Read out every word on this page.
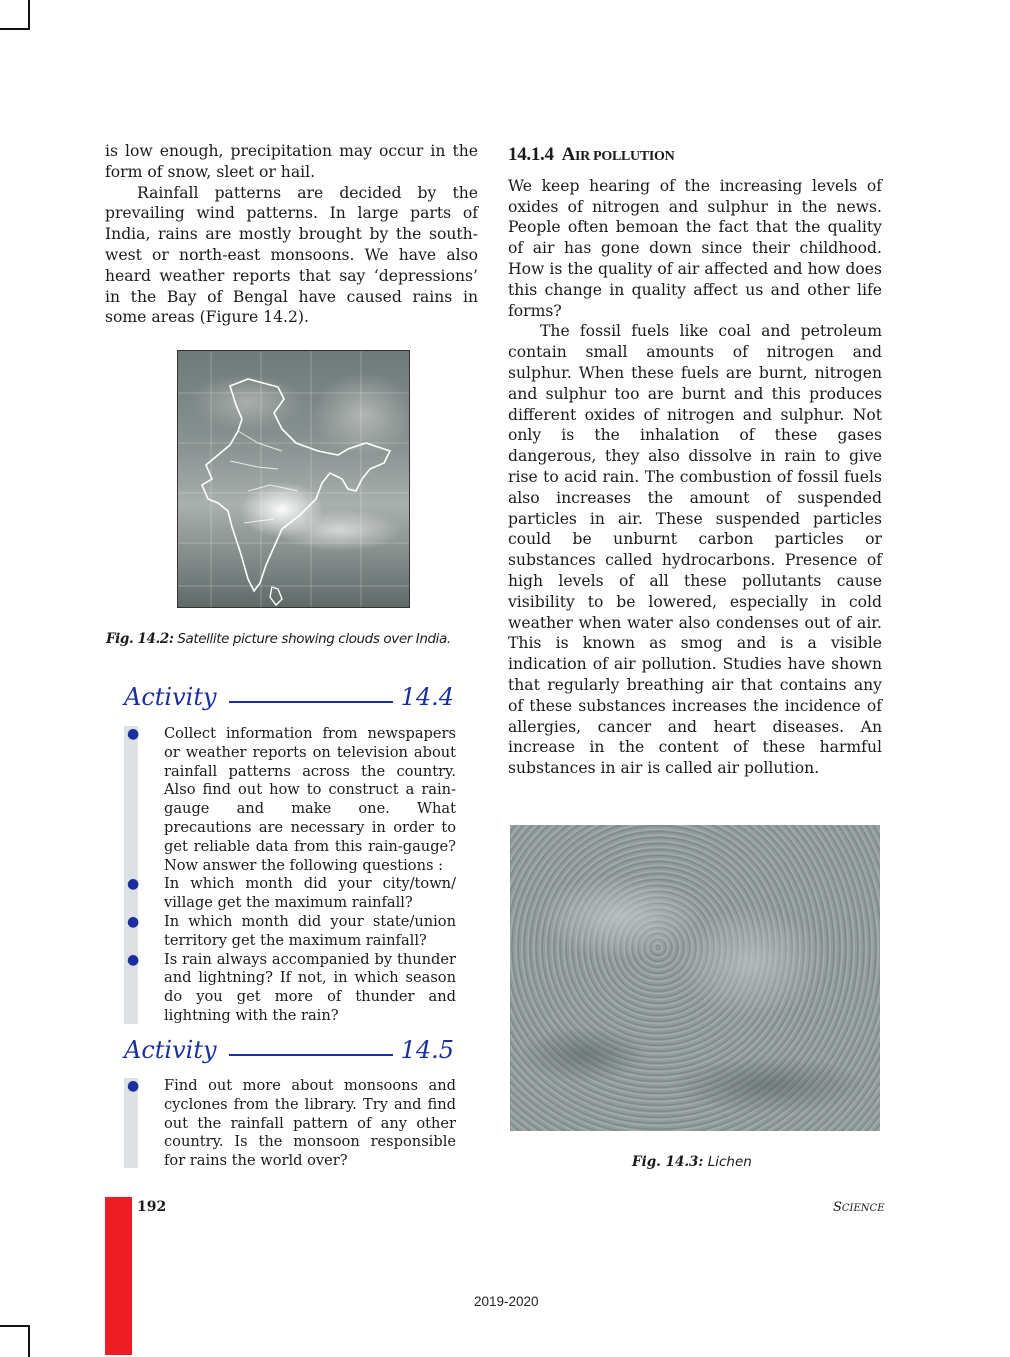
is low enough, precipitation may occur in the form of snow, sleet or hail.

Rainfall patterns are decided by the prevailing wind patterns. In large parts of India, rains are mostly brought by the south-west or north-east monsoons. We have also heard weather reports that say ‘depressions’ in the Bay of Bengal have caused rains in some areas (Figure 14.2).

Fig. 14.2: Satellite picture showing clouds over India.
Activity	14.4
● Collect information from newspapers or weather reports on television about rainfall patterns across the country. Also find out how to construct a rain-gauge and make one. What precautions are necessary in order to get reliable data from this rain-gauge? Now answer the following questions :
● In which month did your city/town/ village get the maximum rainfall?
● In which month did your state/union territory get the maximum rainfall?
● Is rain always accompanied by thunder and lightning? If not, in which season do you get more of thunder and lightning with the rain?
Activity	14.5
● Find out more about monsoons and cyclones from the library. Try and find out the rainfall pattern of any other country. Is the monsoon responsible for rains the world over?
14.1.4 AIR POLLUTION

We keep hearing of the increasing levels of oxides of nitrogen and sulphur in the news. People often bemoan the fact that the quality of air has gone down since their childhood. How is the quality of air affected and how does this change in quality affect us and other life forms?

The fossil fuels like coal and petroleum contain small amounts of nitrogen and sulphur. When these fuels are burnt, nitrogen and sulphur too are burnt and this produces different oxides of nitrogen and sulphur. Not only is the inhalation of these gases dangerous, they also dissolve in rain to give rise to acid rain. The combustion of fossil fuels also increases the amount of suspended particles in air. These suspended particles could be unburnt carbon particles or substances called hydrocarbons. Presence of high levels of all these pollutants cause visibility to be lowered, especially in cold weather when water also condenses out of air. This is known as smog and is a visible indication of air pollution. Studies have shown that regularly breathing air that contains any of these substances increases the incidence of allergies, cancer and heart diseases. An increase in the content of these harmful substances in air is called air pollution.

Fig. 14.3: Lichen
192	SCIENCE
2019-2020
